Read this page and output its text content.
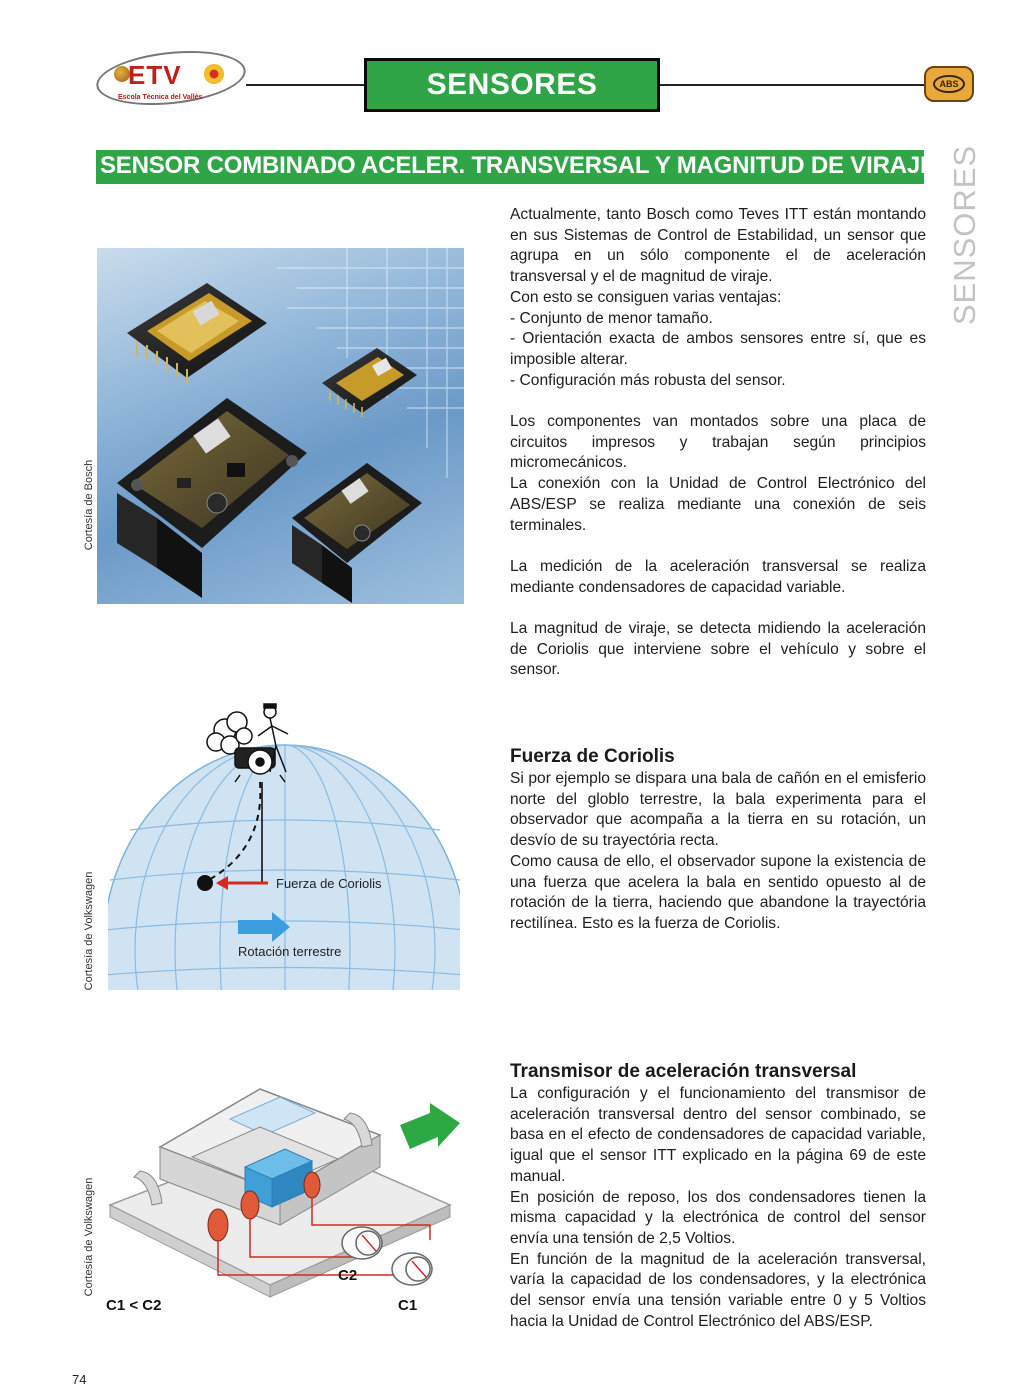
ETV
Escola Tècnica del Vallès	SENSORES	ABS
SENSORES
SENSOR COMBINADO ACELER. TRANSVERSAL Y MAGNITUD DE VIRAJE
Cortesía de Bosch

Actualmente, tanto Bosch como Teves ITT están montando en sus Sistemas de Control de Estabilidad, un sensor que agrupa en un sólo componente el de aceleración transversal y el de magnitud de viraje.

Con esto se consiguen varias ventajas:

- Conjunto de menor tamaño.

- Orientación exacta de ambos sensores entre sí, que es imposible alterar.

- Configuración más robusta del sensor.

Los componentes van montados sobre una placa de circuitos impresos y trabajan según principios micromecánicos.

La conexión con la Unidad de Control Electrónico del ABS/ESP se realiza mediante una conexión de seis terminales.

La medición de la aceleración transversal se realiza mediante condensadores de capacidad variable.

La magnitud de viraje, se detecta midiendo la aceleración de Coriolis que interviene sobre el vehículo y sobre el sensor.

Fuerza de Coriolis
Rotación terrestre
Cortesía de Volkswagen
Fuerza de Coriolis

Si por ejemplo se dispara una bala de cañón en el emisferio norte del globlo terrestre, la bala experimenta para el observador que acompaña a la tierra en su rotación, un desvío de su trayectória recta.

Como causa de ello, el observador supone la existencia de una fuerza que acelera la bala en sentido opuesto al de rotación de la tierra, haciendo que abandone la trayectória rectilínea. Esto es la fuerza de Coriolis.

C2
C1
C1 < C2
Cortesía de Volkswagen
Transmisor de aceleración transversal

La configuración y el funcionamiento del transmisor de aceleración transversal dentro del sensor combinado, se basa en el efecto de condensadores de capacidad variable, igual que el sensor ITT explicado en la página 69 de este manual.

En posición de reposo, los dos condensadores tienen la misma capacidad y la electrónica de control del sensor envía una tensión de 2,5 Voltios.

En función de la magnitud de la aceleración transversal, varía la capacidad de los condensadores, y la electrónica del sensor envía una tensión variable entre 0 y 5 Voltios hacia la Unidad de Control Electrónico del ABS/ESP.

74
